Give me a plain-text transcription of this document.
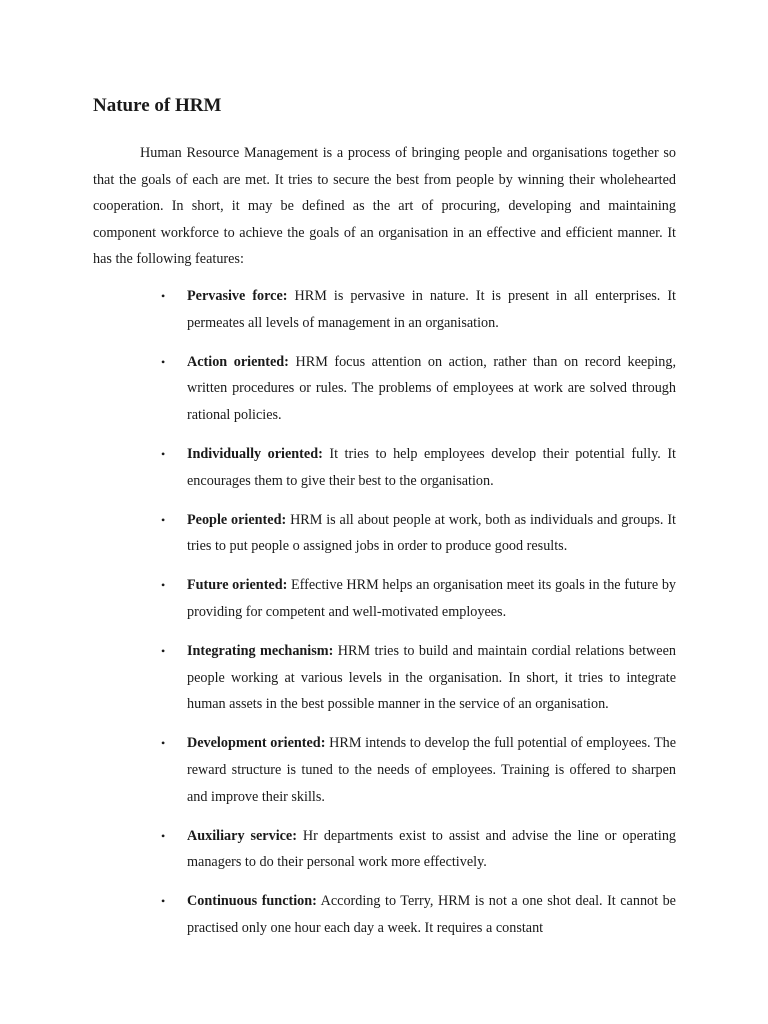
Nature of HRM

Human Resource Management is a process of bringing people and organisations together so that the goals of each are met. It tries to secure the best from people by winning their wholehearted cooperation. In short, it may be defined as the art of procuring, developing and maintaining component workforce to achieve the goals of an organisation in an effective and efficient manner. It has the following features:

• Pervasive force: HRM is pervasive in nature. It is present in all enterprises. It permeates all levels of management in an organisation.
• Action oriented: HRM focus attention on action, rather than on record keeping, written procedures or rules. The problems of employees at work are solved through rational policies.
• Individually oriented: It tries to help employees develop their potential fully. It encourages them to give their best to the organisation.
• People oriented: HRM is all about people at work, both as individuals and groups. It tries to put people o assigned jobs in order to produce good results.
• Future oriented: Effective HRM helps an organisation meet its goals in the future by providing for competent and well-motivated employees.
• Integrating mechanism: HRM tries to build and maintain cordial relations between people working at various levels in the organisation. In short, it tries to integrate human assets in the best possible manner in the service of an organisation.
• Development oriented: HRM intends to develop the full potential of employees. The reward structure is tuned to the needs of employees. Training is offered to sharpen and improve their skills.
• Auxiliary service: Hr departments exist to assist and advise the line or operating managers to do their personal work more effectively.
• Continuous function: According to Terry, HRM is not a one shot deal. It cannot be practised only one hour each day a week. It requires a constant
